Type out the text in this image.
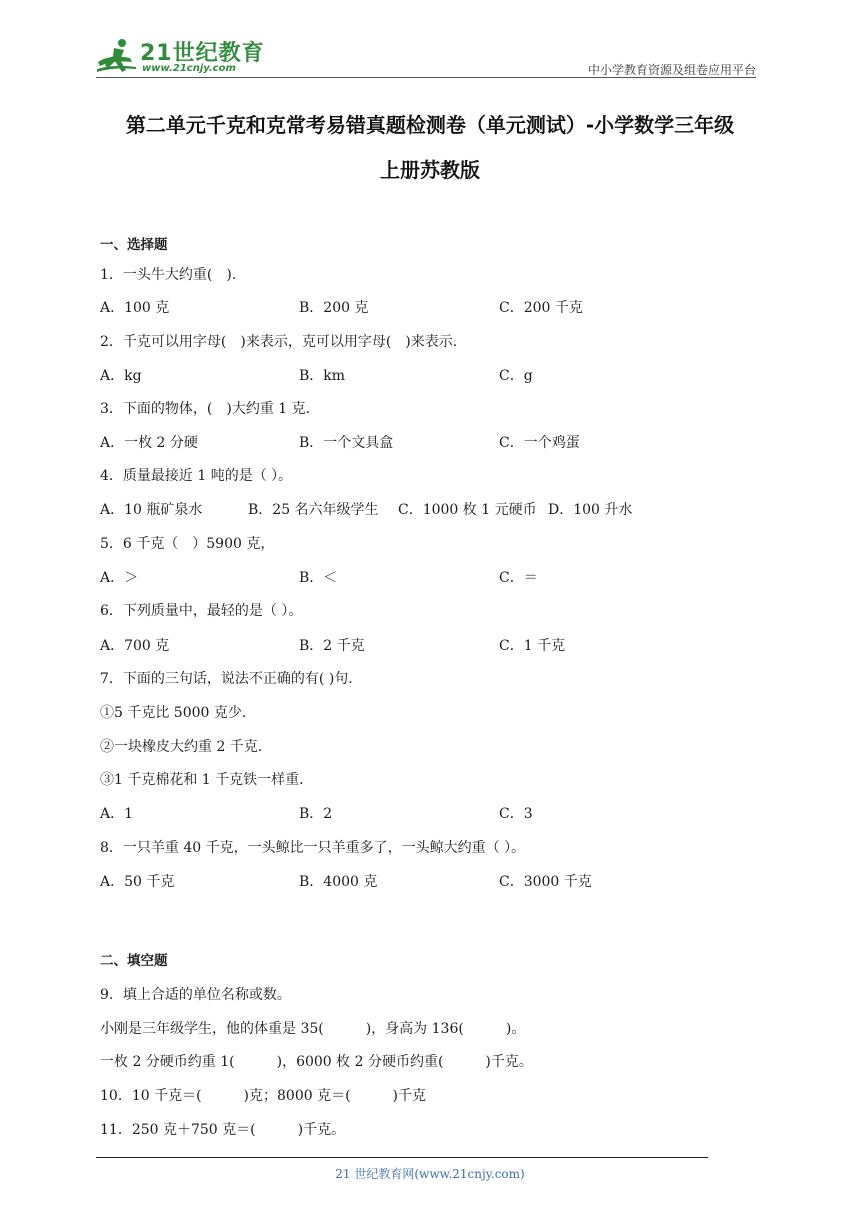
21世纪教育
www.21cnjy.com	中小学教育资源及组卷应用平台
第二单元千克和克常考易错真题检测卷（单元测试）-小学数学三年级
上册苏教版
一、选择题
1．一头牛大约重(　).
A．100 克	B．200 克	C．200 千克
2．千克可以用字母(　)来表示，克可以用字母(　)来表示.
A．kg	B．km	C．g
3．下面的物体，(　)大约重 1 克.
A．一枚 2 分硬	B．一个文具盒	C．一个鸡蛋
4．质量最接近 1 吨的是（ ）。
A．10 瓶矿泉水	B．25 名六年级学生 C．1000 枚 1 元硬币 D．100 升水
5．6 千克（　）5900 克，
A．＞	B．＜	C．＝
6．下列质量中，最轻的是（ ）。
A．700 克	B．2 千克	C．1 千克
7．下面的三句话，说法不正确的有( )句.
①5 千克比 5000 克少.
②一块橡皮大约重 2 千克.
③1 千克棉花和 1 千克铁一样重.
A．1	B．2	C．3
8．一只羊重 40 千克，一头鲸比一只羊重多了，一头鲸大约重（ ）。
A．50 千克	B．4000 克	C．3000 千克
二、填空题
9．填上合适的单位名称或数。
小刚是三年级学生，他的体重是 35(　　　)，身高为 136(　　　)。
一枚 2 分硬币约重 1(　　　)，6000 枚 2 分硬币约重(　　　)千克。
10．10 千克＝(　　　)克；8000 克＝(　　　)千克
11．250 克＋750 克＝(　　　)千克。
21 世纪教育网(www.21cnjy.com)
